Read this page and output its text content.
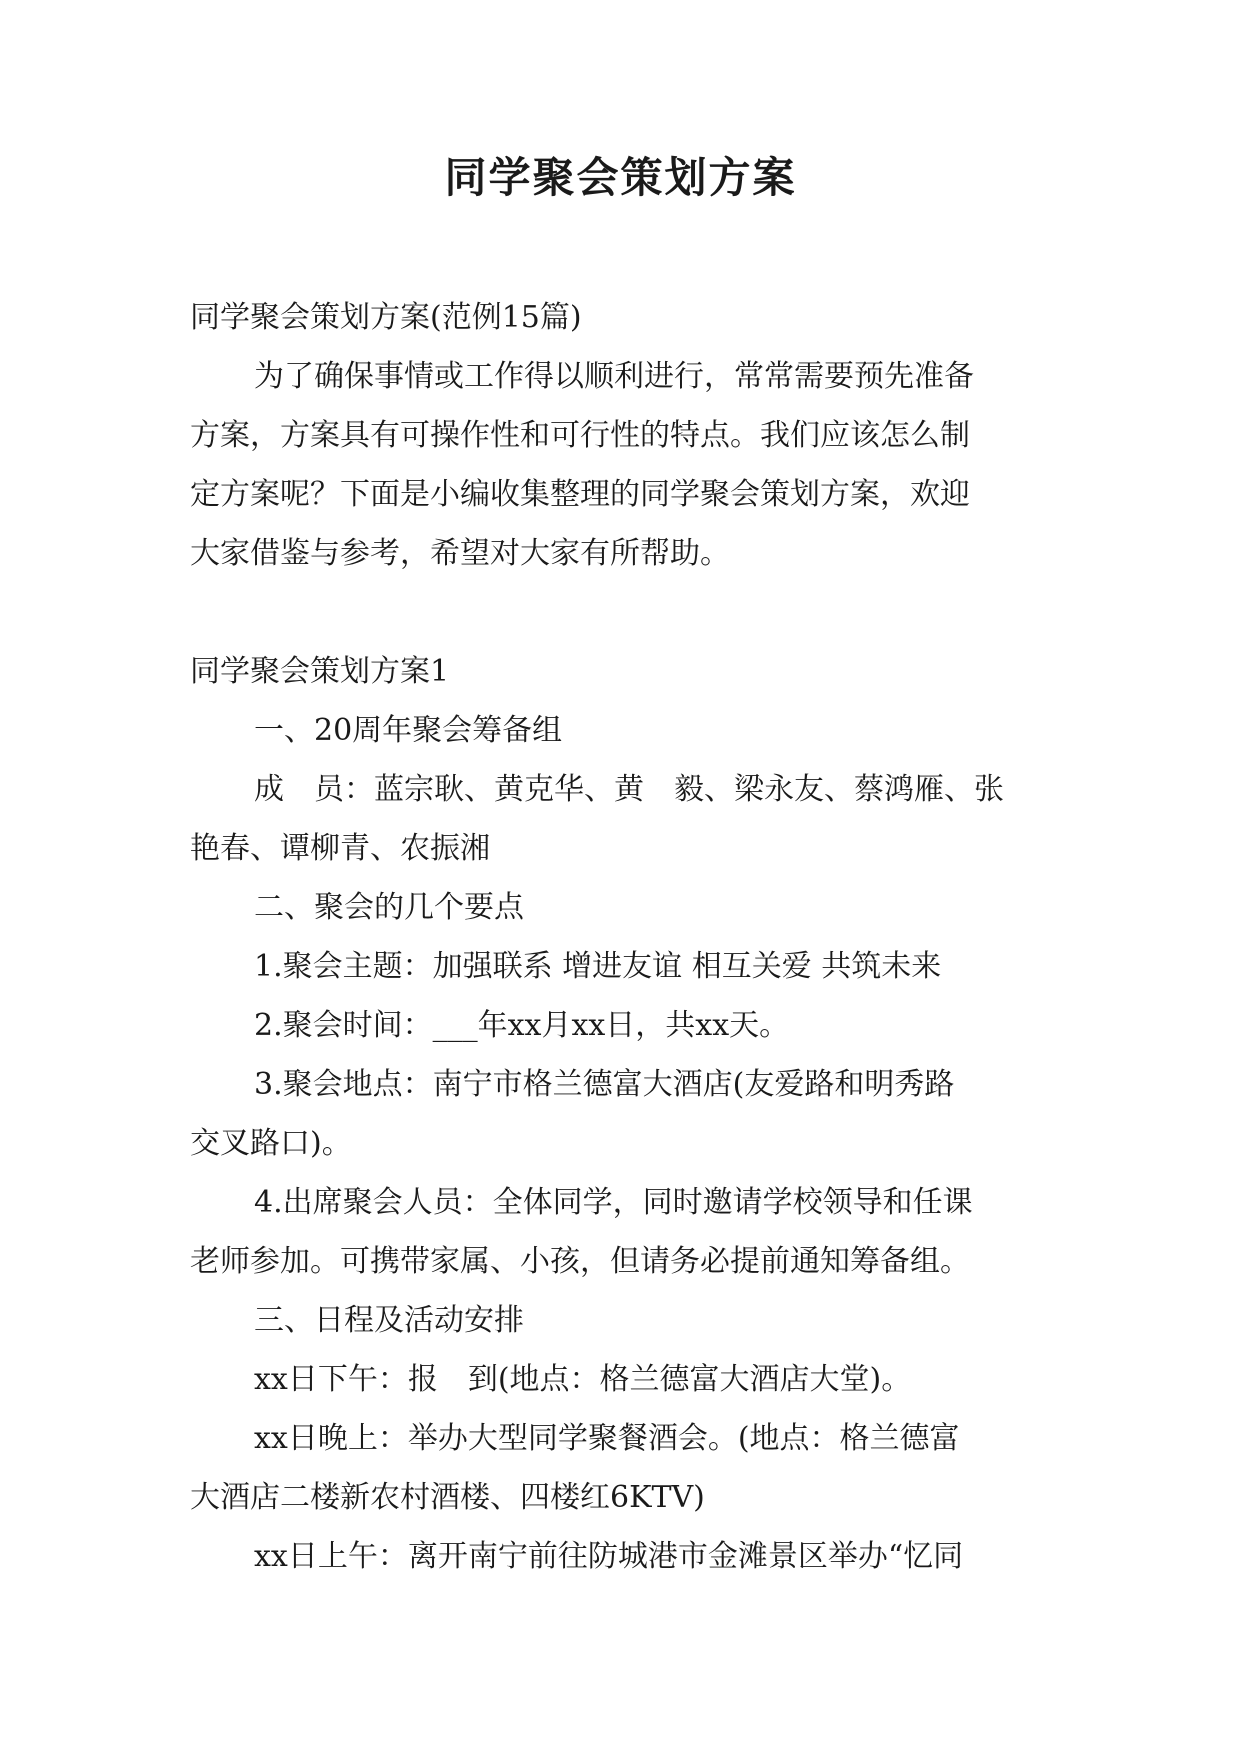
同学聚会策划方案

同学聚会策划方案(范例15篇)

为了确保事情或工作得以顺利进行，常常需要预先准备

方案，方案具有可操作性和可行性的特点。我们应该怎么制

定方案呢？下面是小编收集整理的同学聚会策划方案，欢迎

大家借鉴与参考，希望对大家有所帮助。

同学聚会策划方案1

一、20周年聚会筹备组

成　员：蓝宗耿、黄克华、黄　毅、梁永友、蔡鸿雁、张

艳春、谭柳青、农振湘

二、聚会的几个要点

1.聚会主题：加强联系 增进友谊 相互关爱 共筑未来

2.聚会时间：___年xx月xx日，共xx天。

3.聚会地点：南宁市格兰德富大酒店(友爱路和明秀路

交叉路口)。

4.出席聚会人员：全体同学，同时邀请学校领导和任课

老师参加。可携带家属、小孩，但请务必提前通知筹备组。

三、日程及活动安排

xx日下午：报　到(地点：格兰德富大酒店大堂)。

xx日晚上：举办大型同学聚餐酒会。(地点：格兰德富

大酒店二楼新农村酒楼、四楼红6KTV)

xx日上午：离开南宁前往防城港市金滩景区举办“忆同
